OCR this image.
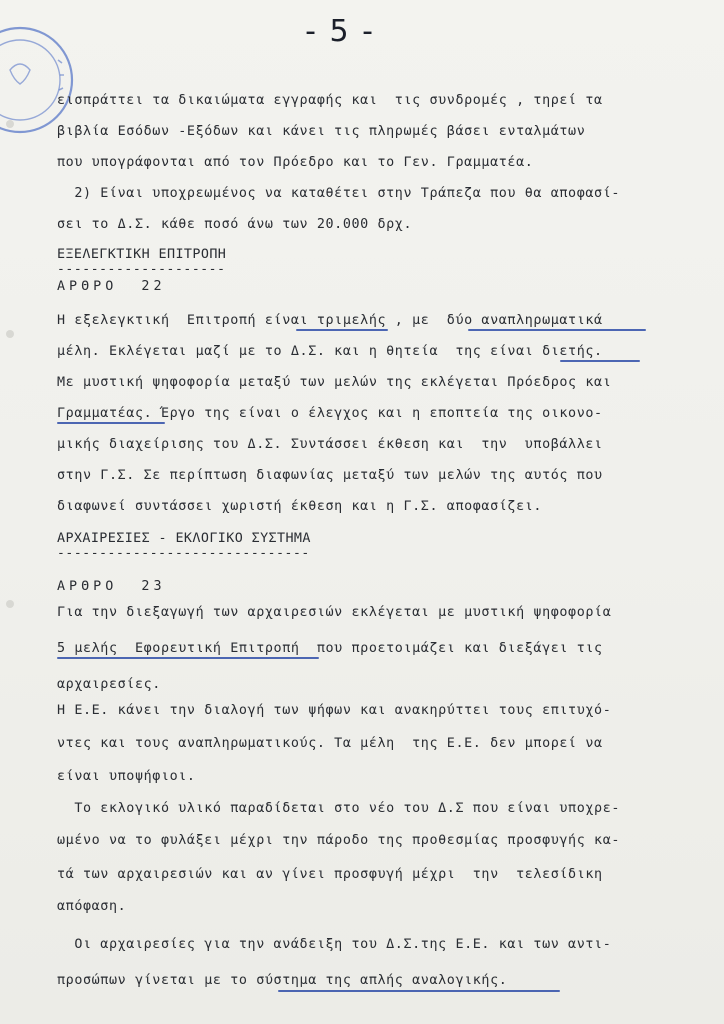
- 5 -
εισπράττει τα δικαιώματα εγγραφής και  τις συνδρομές , τηρεί τα
βιβλία Εσόδων -Εξόδων και κάνει τις πληρωμές βάσει ενταλμάτων
που υπογράφονται από τον Πρόεδρο και το Γεν. Γραμματέα.
2) Είναι υποχρεωμένος να καταθέτει στην Τράπεζα που θα αποφασί-
σει το Δ.Σ. κάθε ποσό άνω των 20.000 δρχ.
ΕΞΕΛΕΓΚΤΙΚΗ ΕΠΙΤΡΟΠΗ
--------------------
ΑΡΘΡΟ  22
Η εξελεγκτική  Επιτροπή είναι τριμελής , με  δύο αναπληρωματικά
μέλη. Εκλέγεται μαζί με το Δ.Σ. και η θητεία  της είναι διετής.
Με μυστική ψηφοφορία μεταξύ των μελών της εκλέγεται Πρόεδρος και
Γραμματέας. Έργο της είναι ο έλεγχος και η εποπτεία της οικονο-
μικής διαχείρισης του Δ.Σ. Συντάσσει έκθεση και  την  υποβάλλει
στην Γ.Σ. Σε περίπτωση διαφωνίας μεταξύ των μελών της αυτός που
διαφωνεί συντάσσει χωριστή έκθεση και η Γ.Σ. αποφασίζει.
ΑΡΧΑΙΡΕΣΙΕΣ - ΕΚΛΟΓΙΚΟ ΣΥΣΤΗΜΑ
------------------------------
ΑΡΘΡΟ  23
Για την διεξαγωγή των αρχαιρεσιών εκλέγεται με μυστική ψηφοφορία
5 μελής  Εφορευτική Επιτροπή  που προετοιμάζει και διεξάγει τις
αρχαιρεσίες.
Η Ε.Ε. κάνει την διαλογή των ψήφων και ανακηρύττει τους επιτυχό-
ντες και τους αναπληρωματικούς. Τα μέλη  της Ε.Ε. δεν μπορεί να
είναι υποψήφιοι.
Το εκλογικό υλικό παραδίδεται στο νέο του Δ.Σ που είναι υποχρε-
ωμένο να το φυλάξει μέχρι την πάροδο της προθεσμίας προσφυγής κα-
τά των αρχαιρεσιών και αν γίνει προσφυγή μέχρι  την  τελεσίδικη
απόφαση.
Οι αρχαιρεσίες για την ανάδειξη του Δ.Σ.της Ε.Ε. και των αντι-
προσώπων γίνεται με το σύστημα της απλής αναλογικής.
